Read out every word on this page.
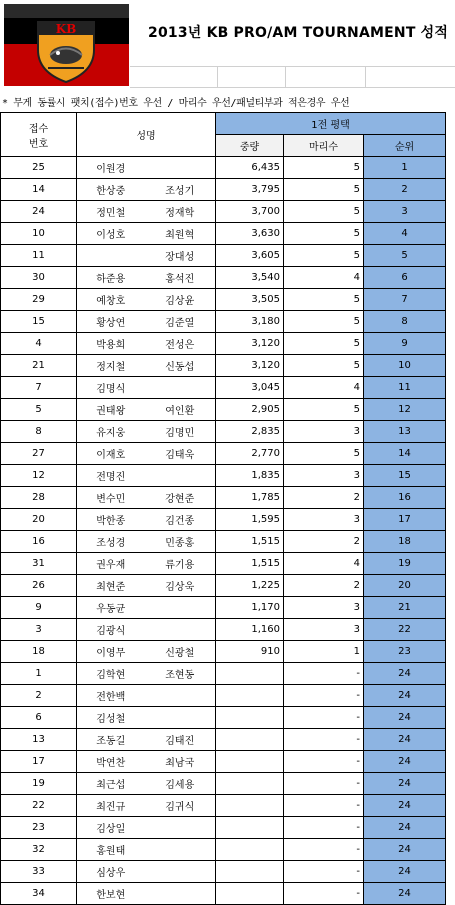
KB	2013년 KB PRO/AM TOURNAMENT 성적
* 무게 동률시 팻치(접수)번호 우선 / 마리수 우선/패널티부과 적은경우 우선
접수
번호	성명		1전 평택		
			중량	마리수	순위
25	이원경		6,435	5	1
14	한상중	조성기	3,795	5	2
24	정민철	정재학	3,700	5	3
10	이성호	최원혁	3,630	5	4
11		장대성	3,605	5	5
30	하준용	홍석진	3,540	4	6
29	예창호	김상윤	3,505	5	7
15	황상연	김준열	3,180	5	8
4	박용희	전성은	3,120	5	9
21	정지철	신동섭	3,120	5	10
7	김명식		3,045	4	11
5	권태왕	여인환	2,905	5	12
8	유지웅	김명민	2,835	3	13
27	이재호	김태욱	2,770	5	14
12	전명진		1,835	3	15
28	변수민	강현준	1,785	2	16
20	박한종	김건종	1,595	3	17
16	조성경	민종홍	1,515	2	18
31	권우재	류기용	1,515	4	19
26	최현준	김상욱	1,225	2	20
9	우동균		1,170	3	21
3	김광식		1,160	3	22
18	이영무	신광철	910	1	23
1	김학현	조현동		-	24
2	전한백			-	24
6	김성철			-	24
13	조동길	김태진		-	24
17	박연찬	최남국		-	24
19	최근섭	김세용		-	24
22	최진규	김귀식		-	24
23	김상일			-	24
32	홍원태			-	24
33	심상우			-	24
34	한보현			-	24
